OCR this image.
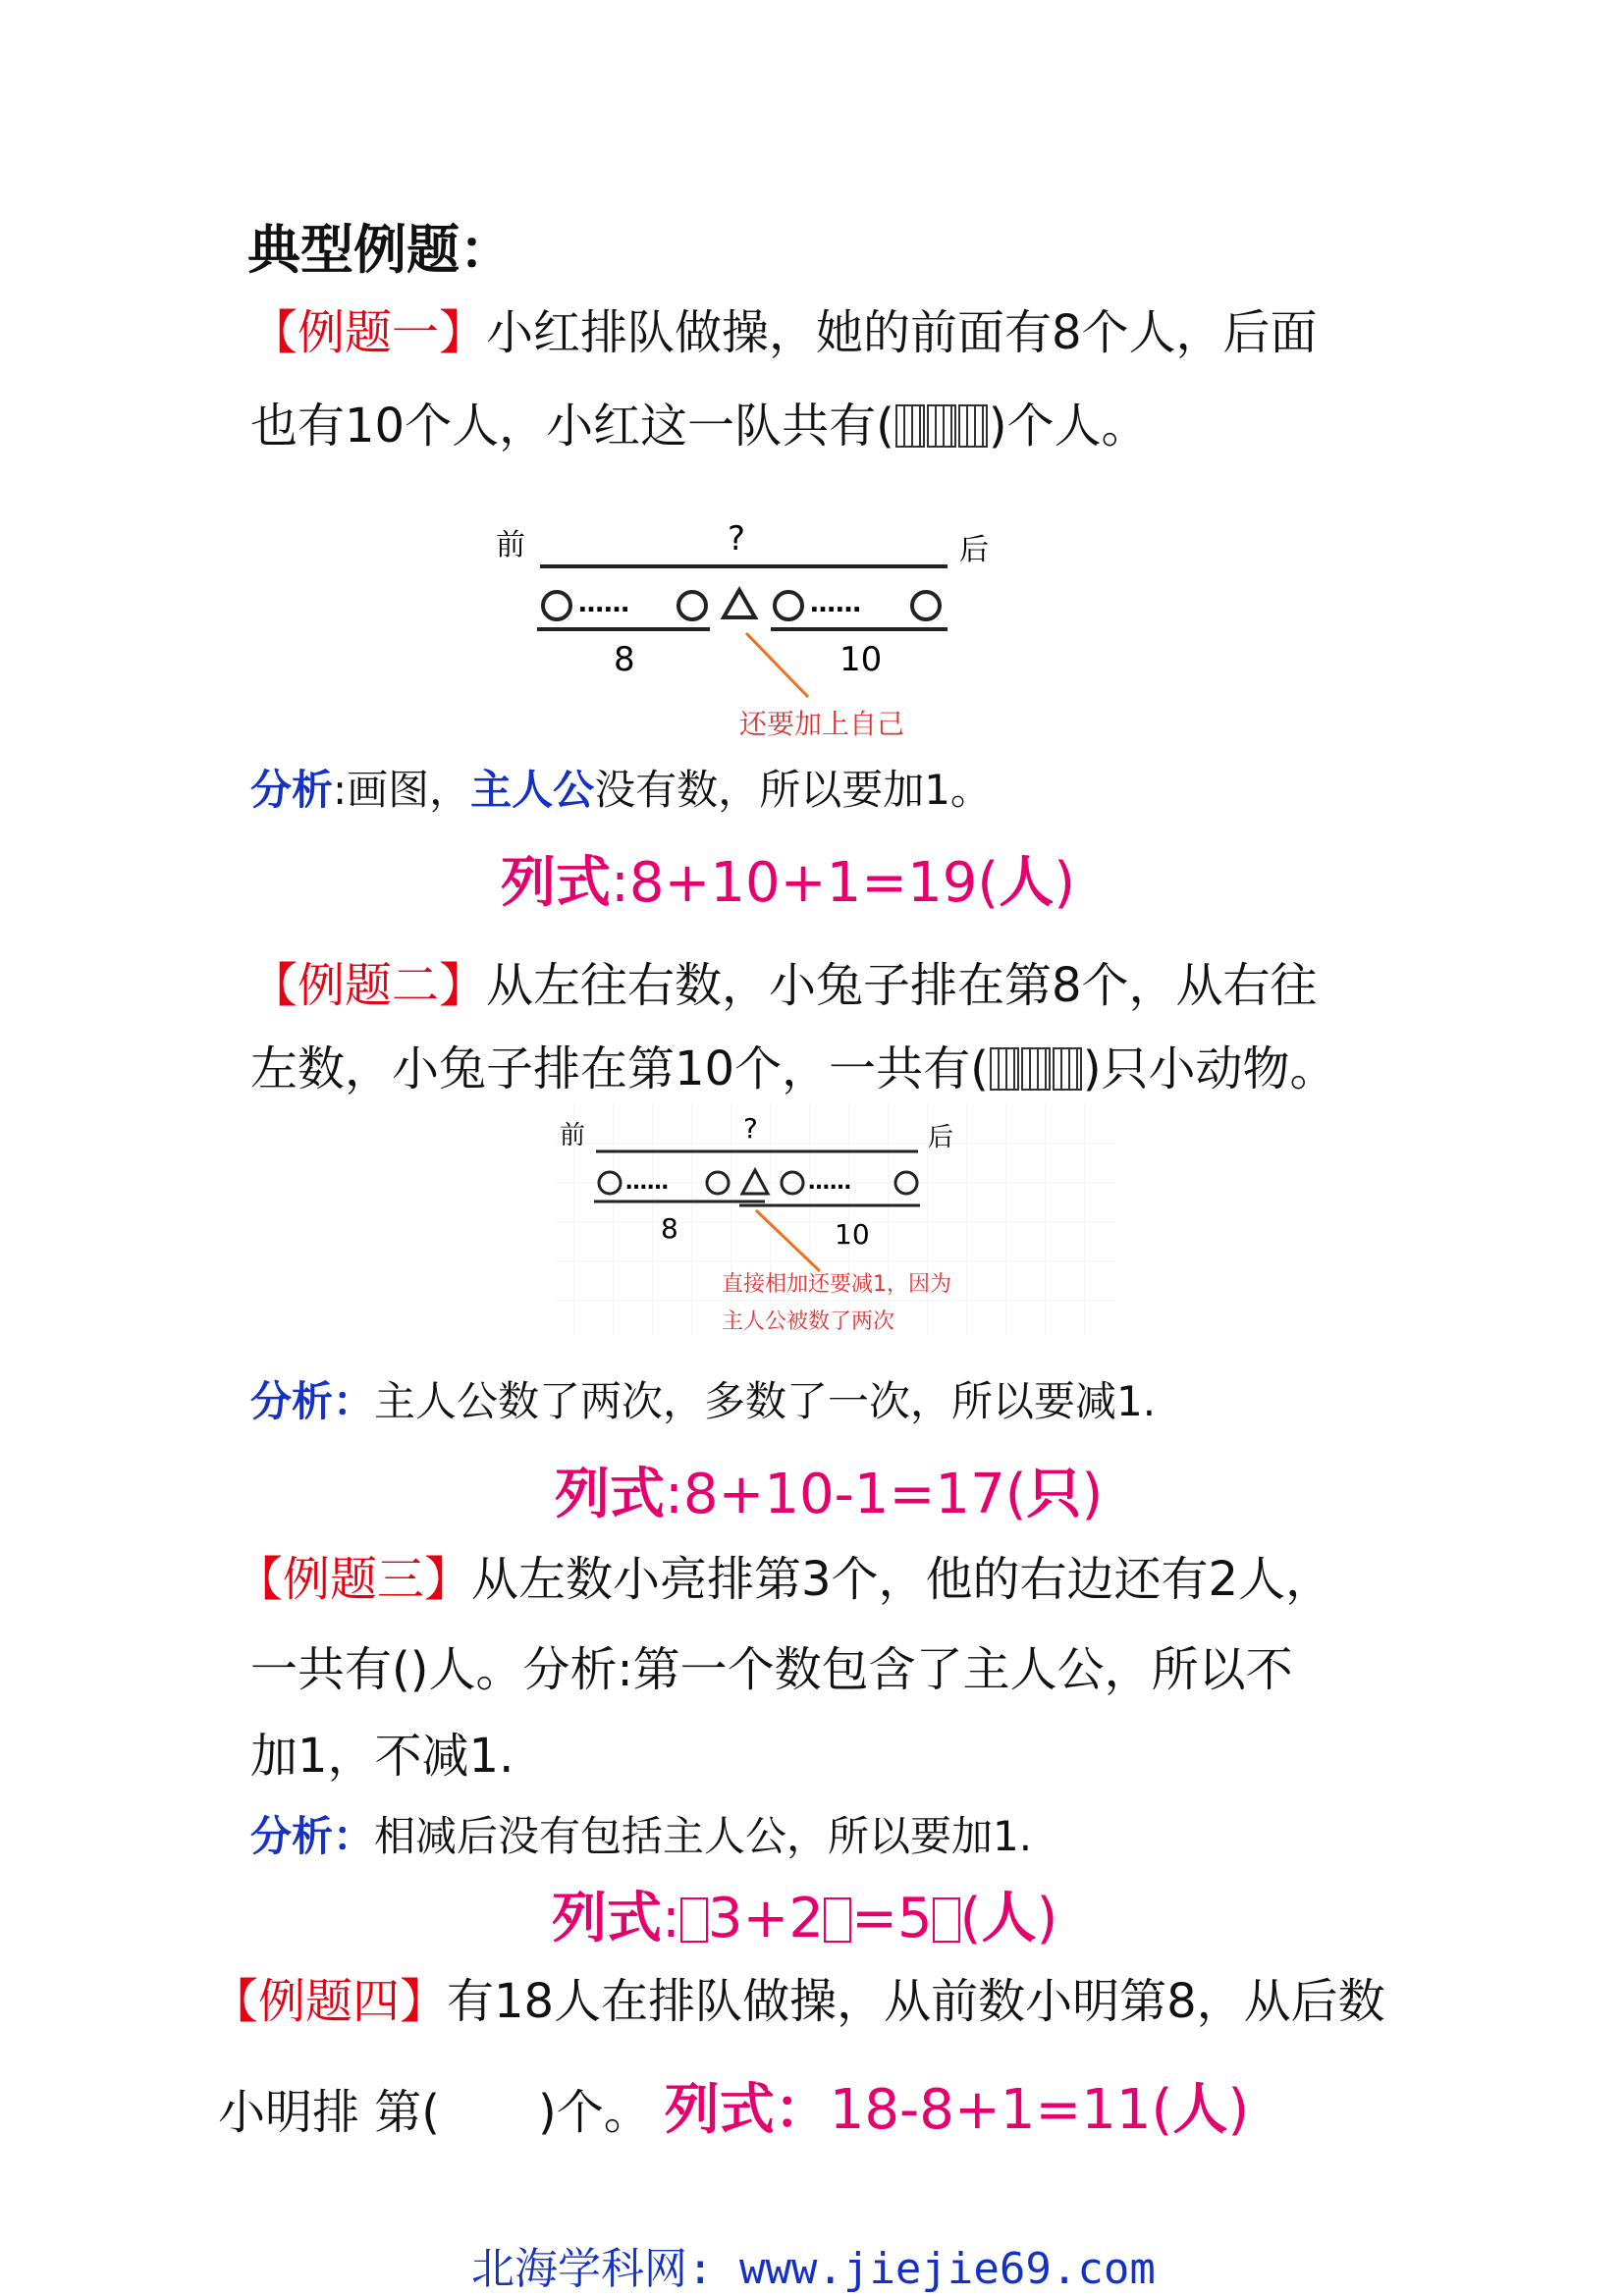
典型例题：
【例题一】小红排队做操，她的前面有8个人，后面
也有10个人，小红这一队共有( )个人。
前	?	后
……	……
8	10
还要加上自己
分析:画图，主人公没有数，所以要加1。
列式:8+10+1=19(人)
【例题二】从左往右数，小兔子排在第8个，从右往
左数，小兔子排在第10个，一共有( )只小动物。
前	?	后
……	……
8	10
直接相加还要减1，因为
主人公被数了两次
分析：主人公数了两次，多数了一次，所以要减1.
列式:8+10-1=17(只)
【例题三】从左数小亮排第3个，他的右边还有2人，
一共有()人。分析:第一个数包含了主人公，所以不
加1，不减1.
分析：相减后没有包括主人公，所以要加1.
列式: 3+2 =5 (人)
【例题四】有18人在排队做操，从前数小明第8，从后数
小明排 第( )个。 列式：18-8+1=11(人)
北海学科网: www.jiejie69.com
